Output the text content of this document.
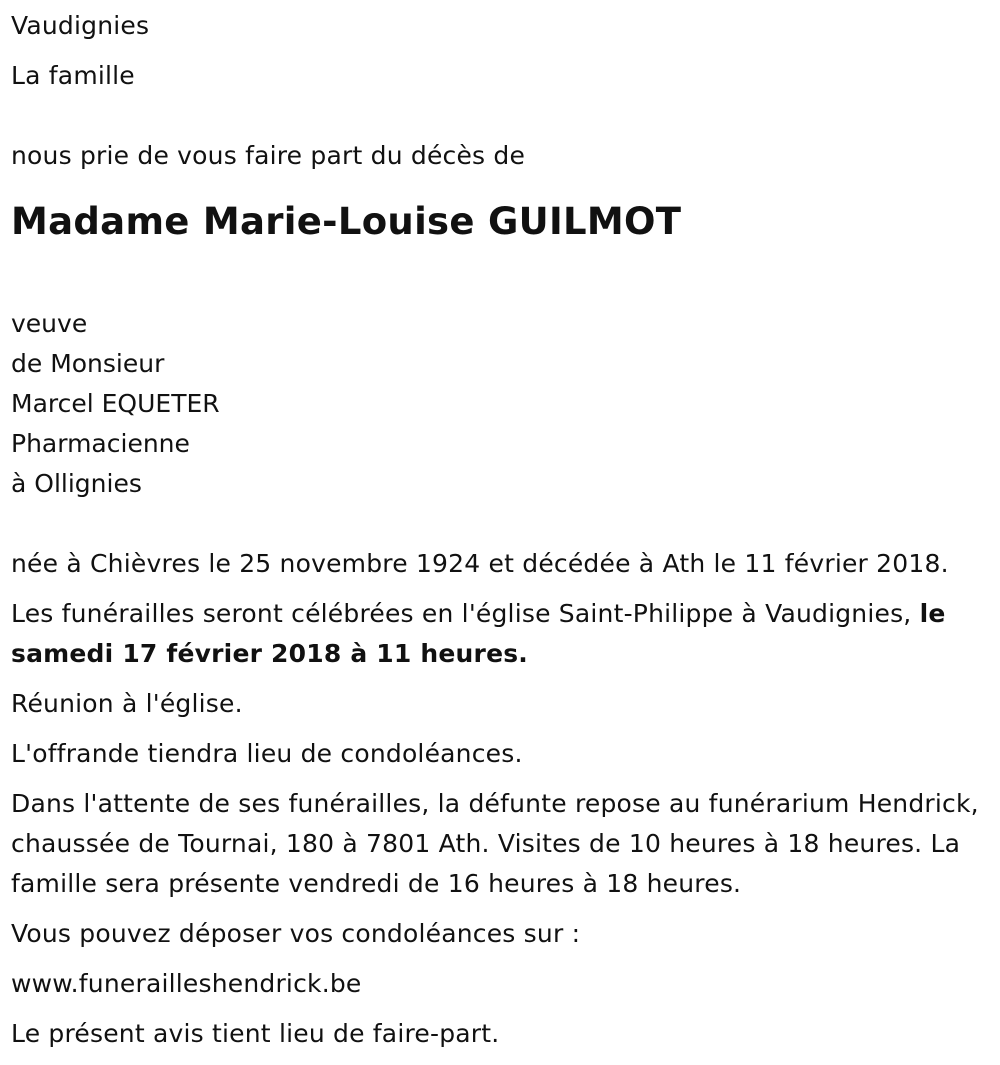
Vaudignies

La famille

nous prie de vous faire part du décès de

Madame Marie-Louise GUILMOT
veuve
de Monsieur
Marcel EQUETER
Pharmacienne
à Ollignies

née à Chièvres le 25 novembre 1924 et décédée à Ath le 11 février 2018.

Les funérailles seront célébrées en l'église Saint-Philippe à Vaudignies, le samedi 17 février 2018 à 11 heures.

Réunion à l'église.

L'offrande tiendra lieu de condoléances.

Dans l'attente de ses funérailles, la défunte repose au funérarium Hendrick, chaussée de Tournai, 180 à 7801 Ath. Visites de 10 heures à 18 heures. La famille sera présente vendredi de 16 heures à 18 heures.

Vous pouvez déposer vos condoléances sur :

www.funerailleshendrick.be

Le présent avis tient lieu de faire-part.
